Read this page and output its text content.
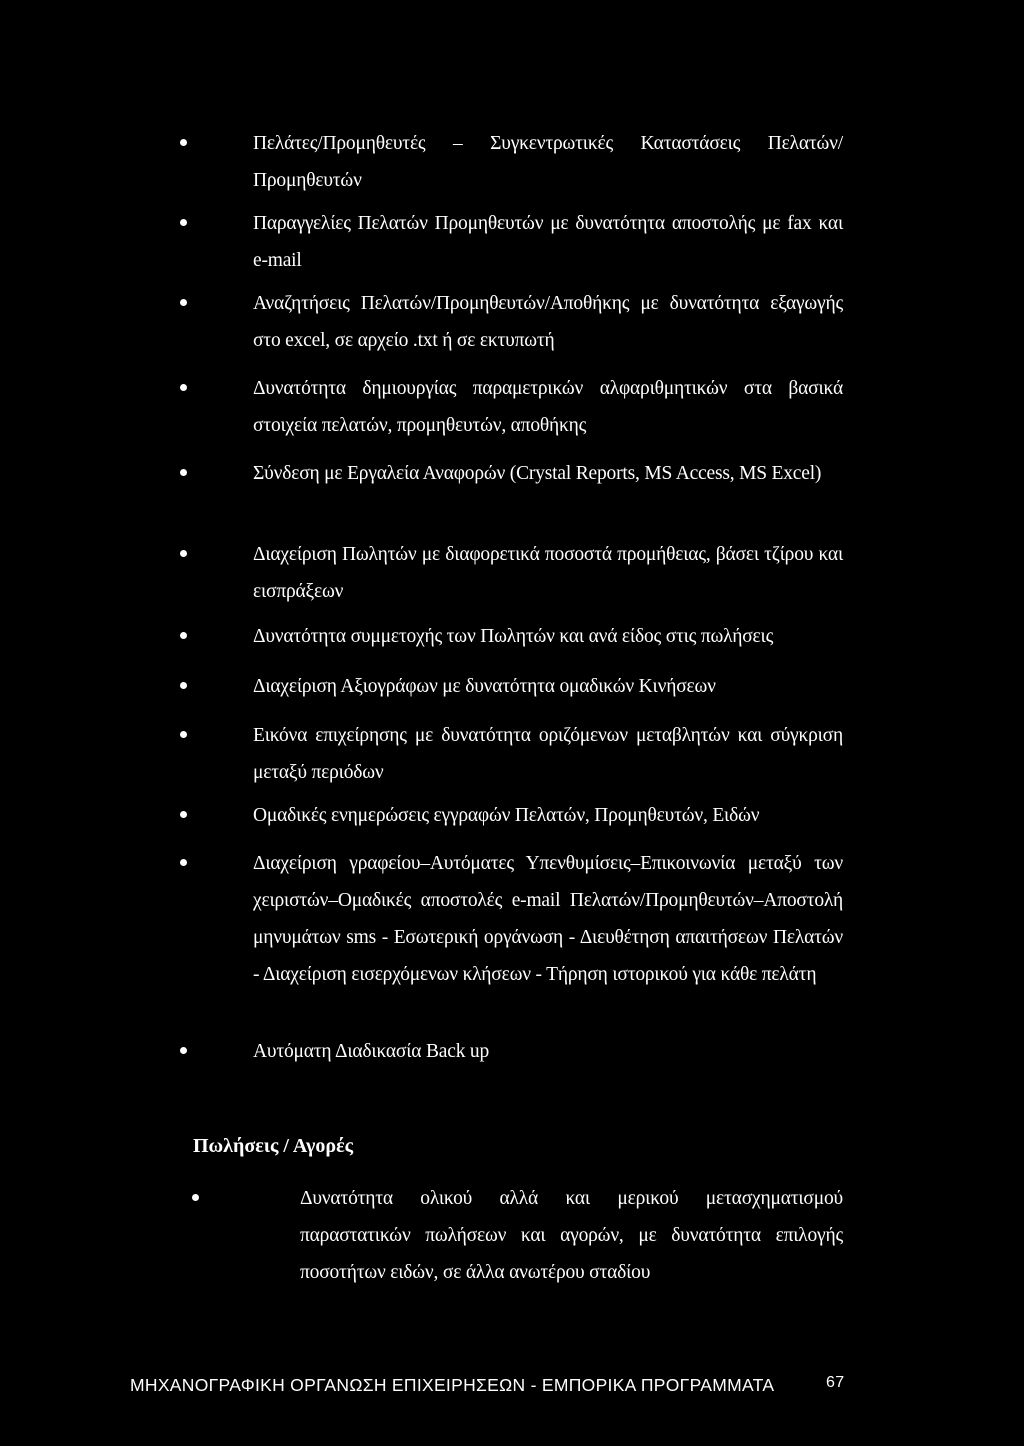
Πελάτες/Προμηθευτές – Συγκεντρωτικές Καταστάσεις Πελατών/Προμηθευτών
Παραγγελίες Πελατών Προμηθευτών με δυνατότητα αποστολής με fax και e-mail
Αναζητήσεις Πελατών/Προμηθευτών/Αποθήκης με δυνατότητα εξαγωγής στο excel, σε αρχείο .txt ή σε εκτυπωτή
Δυνατότητα δημιουργίας παραμετρικών αλφαριθμητικών στα βασικά στοιχεία πελατών, προμηθευτών, αποθήκης
Σύνδεση με Εργαλεία Αναφορών (Crystal Reports, MS Access, MS Excel)
Διαχείριση Πωλητών με διαφορετικά ποσοστά προμήθειας, βάσει τζίρου και εισπράξεων
Δυνατότητα συμμετοχής των Πωλητών και ανά είδος στις πωλήσεις
Διαχείριση Αξιογράφων με δυνατότητα ομαδικών Κινήσεων
Εικόνα επιχείρησης με δυνατότητα οριζόμενων μεταβλητών και σύγκριση μεταξύ περιόδων
Ομαδικές ενημερώσεις εγγραφών Πελατών, Προμηθευτών, Ειδών
Διαχείριση γραφείου–Αυτόματες Υπενθυμίσεις–Επικοινωνία μεταξύ των χειριστών–Ομαδικές αποστολές e-mail Πελατών/Προμηθευτών–Αποστολή μηνυμάτων sms - Εσωτερική οργάνωση - Διευθέτηση απαιτήσεων Πελατών - Διαχείριση εισερχόμενων κλήσεων - Τήρηση ιστορικού για κάθε πελάτη
Αυτόματη Διαδικασία Back up
Πωλήσεις / Αγορές
Δυνατότητα ολικού αλλά και μερικού μετασχηματισμού παραστατικών πωλήσεων και αγορών, με δυνατότητα επιλογής ποσοτήτων ειδών, σε άλλα ανωτέρου σταδίου
ΜΗΧΑΝΟΓΡΑΦΙΚΗ ΟΡΓΑΝΩΣΗ ΕΠΙΧΕΙΡΗΣΕΩΝ - ΕΜΠΟΡΙΚΑ ΠΡΟΓΡΑΜΜΑΤΑ	67
